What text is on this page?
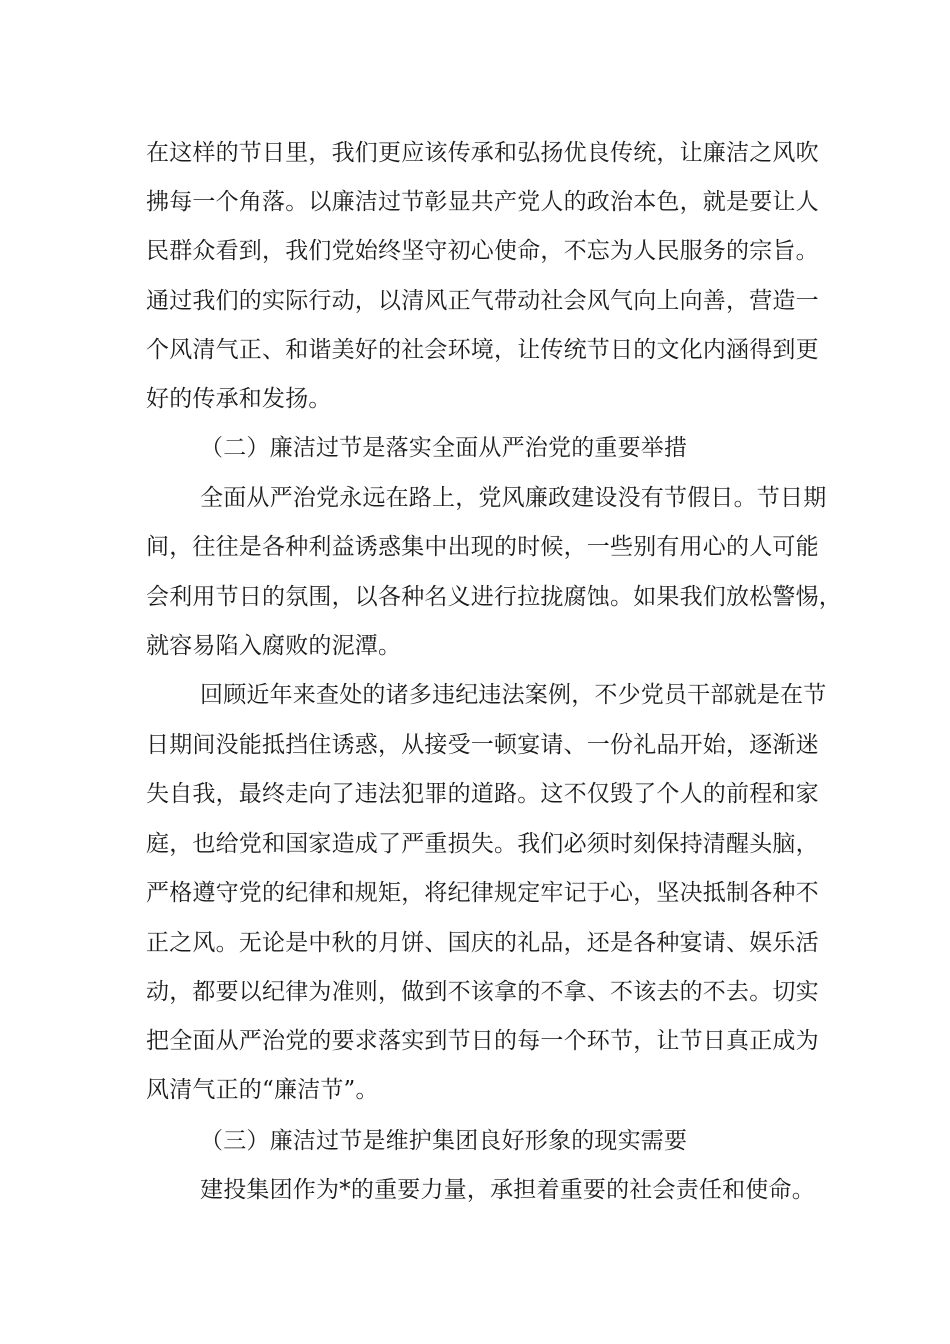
在这样的节日里，我们更应该传承和弘扬优良传统，让廉洁之风吹
拂每一个角落。以廉洁过节彰显共产党人的政治本色，就是要让人
民群众看到，我们党始终坚守初心使命，不忘为人民服务的宗旨。
通过我们的实际行动，以清风正气带动社会风气向上向善，营造一
个风清气正、和谐美好的社会环境，让传统节日的文化内涵得到更
好的传承和发扬。
（二）廉洁过节是落实全面从严治党的重要举措
全面从严治党永远在路上，党风廉政建设没有节假日。节日期
间，往往是各种利益诱惑集中出现的时候，一些别有用心的人可能
会利用节日的氛围，以各种名义进行拉拢腐蚀。如果我们放松警惕，
就容易陷入腐败的泥潭。
回顾近年来查处的诸多违纪违法案例，不少党员干部就是在节
日期间没能抵挡住诱惑，从接受一顿宴请、一份礼品开始，逐渐迷
失自我，最终走向了违法犯罪的道路。这不仅毁了个人的前程和家
庭，也给党和国家造成了严重损失。我们必须时刻保持清醒头脑，
严格遵守党的纪律和规矩，将纪律规定牢记于心，坚决抵制各种不
正之风。无论是中秋的月饼、国庆的礼品，还是各种宴请、娱乐活
动，都要以纪律为准则，做到不该拿的不拿、不该去的不去。切实
把全面从严治党的要求落实到节日的每一个环节，让节日真正成为
风清气正的“廉洁节”。
（三）廉洁过节是维护集团良好形象的现实需要
建投集团作为*的重要力量，承担着重要的社会责任和使命。
